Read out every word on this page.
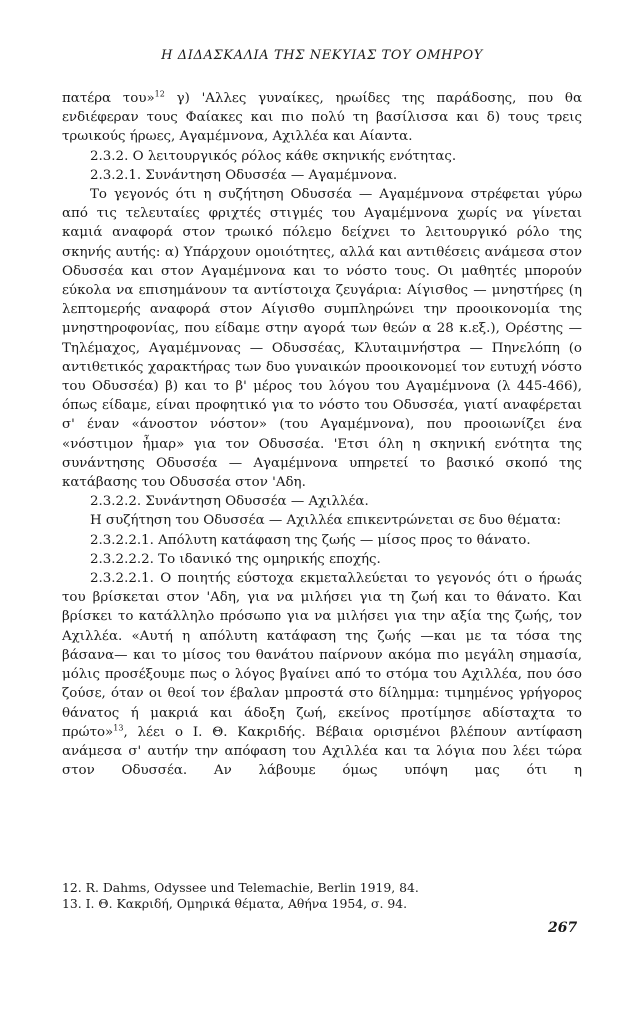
Η ΔΙΔΑΣΚΑΛΙΑ ΤΗΣ ΝΕΚΥΙΑΣ ΤΟΥ ΟΜΗΡΟΥ

πατέρα του»$^{12}$ γ) 'Αλλες γυναίκες, ηρωίδες της παράδοσης, που θα ενδιέφεραν τους Φαίακες και πιο πολύ τη βασίλισσα και δ) τους τρεις τρωικούς ήρωες, Αγαμέμνονα, Αχιλλέα και Αίαντα.

2.3.2. Ο λειτουργικός ρόλος κάθε σκηνικής ενότητας.

2.3.2.1. Συνάντηση Οδυσσέα — Αγαμέμνονα.

Το γεγονός ότι η συζήτηση Οδυσσέα — Αγαμέμνονα στρέφεται γύρω από τις τελευταίες φριχτές στιγμές του Αγαμέμνονα χωρίς να γίνεται καμιά αναφορά στον τρωικό πόλεμο δείχνει το λειτουργικό ρόλο της σκηνής αυτής: α) Υπάρχουν ομοιότητες, αλλά και αντιθέσεις ανάμεσα στον Οδυσσέα και στον Αγαμέμνονα και το νόστο τους. Οι μαθητές μπορούν εύκολα να επισημάνουν τα αντίστοιχα ζευγάρια: Αίγισθος — μνηστήρες (η λεπτομερής αναφορά στον Αίγισθο συμπληρώνει την προοικονομία της μνηστηροφονίας, που είδαμε στην αγορά των θεών α 28 κ.εξ.), Ορέστης — Τηλέμαχος, Αγαμέμνονας — Οδυσσέας, Κλυταιμνήστρα — Πηνελόπη (ο αντιθετικός χαρακτήρας των δυο γυναικών προοικονομεί τον ευτυχή νόστο του Οδυσσέα) β) και το β' μέρος του λόγου του Αγαμέμνονα (λ 445-466), όπως είδαμε, είναι προφητικό για το νόστο του Οδυσσέα, γιατί αναφέρεται σ' έναν «άνοστον νόστον» (του Αγαμέμνονα), που προοιωνίζει ένα «νόστιμον ἦμαρ» για τον Οδυσσέα. 'Ετσι όλη η σκηνική ενότητα της συνάντησης Οδυσσέα — Αγαμέμνονα υπηρετεί το βασικό σκοπό της κατάβασης του Οδυσσέα στον 'Αδη.

2.3.2.2. Συνάντηση Οδυσσέα — Αχιλλέα.

Η συζήτηση του Οδυσσέα — Αχιλλέα επικεντρώνεται σε δυο θέματα:

2.3.2.2.1. Απόλυτη κατάφαση της ζωής — μίσος προς το θάνατο.

2.3.2.2.2. Το ιδανικό της ομηρικής εποχής.

2.3.2.2.1. Ο ποιητής εύστοχα εκμεταλλεύεται το γεγονός ότι ο ήρωάς του βρίσκεται στον 'Αδη, για να μιλήσει για τη ζωή και το θάνατο. Και βρίσκει το κατάλληλο πρόσωπο για να μιλήσει για την αξία της ζωής, τον Αχιλλέα. «Αυτή η απόλυτη κατάφαση της ζωής —και με τα τόσα της βάσανα— και το μίσος του θανάτου παίρνουν ακόμα πιο μεγάλη σημασία, μόλις προσέξουμε πως ο λόγος βγαίνει από το στόμα του Αχιλλέα, που όσο ζούσε, όταν οι θεοί τον έβαλαν μπροστά στο δίλημμα: τιμημένος γρήγορος θάνατος ή μακριά και άδοξη ζωή, εκείνος προτίμησε αδίσταχτα το πρώτο»$^{13}$, λέει ο Ι. Θ. Κακριδής. Βέβαια ορισμένοι βλέπουν αντίφαση ανάμεσα σ' αυτήν την απόφαση του Αχιλλέα και τα λόγια που λέει τώρα στον Οδυσσέα. Αν λάβουμε όμως υπόψη μας ότι η

12. R. Dahms, Odyssee und Telemachie, Berlin 1919, 84.

13. Ι. Θ. Κακριδή, Ομηρικά θέματα, Αθήνα 1954, σ. 94.

267
